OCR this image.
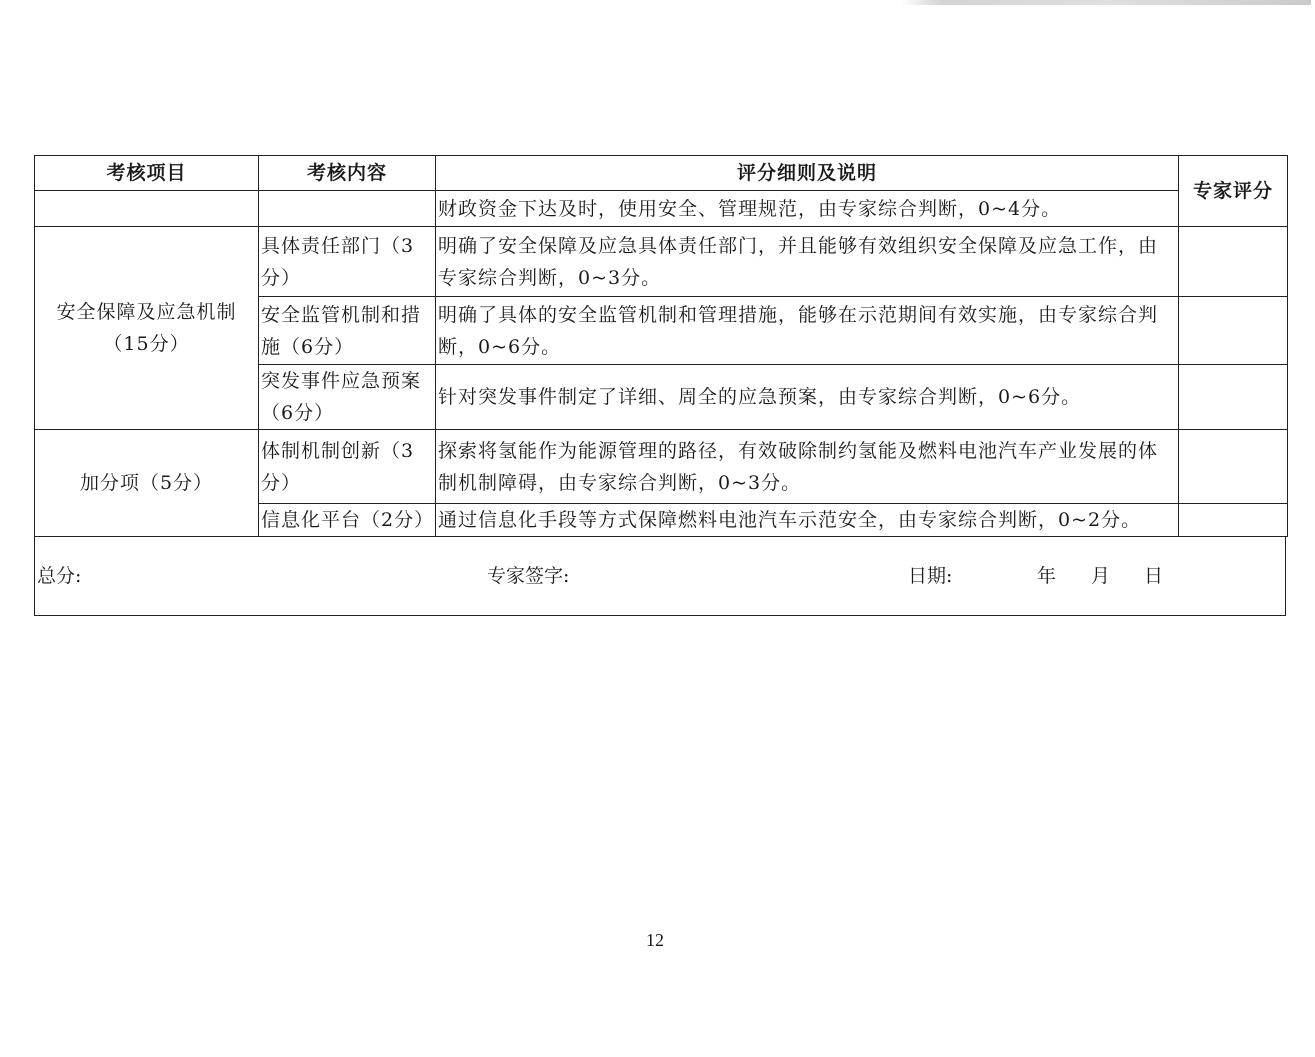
考核项目	考核内容	评分细则及说明	专家评分
		财政资金下达及时，使用安全、管理规范，由专家综合判断，0~4分。	

安全保障及应急机制
（15分）	具体责任部门（3分）	明确了安全保障及应急具体责任部门，并且能够有效组织安全保障及应急工作，由专家综合判断，0~3分。	
	安全监管机制和措施（6分）	明确了具体的安全监管机制和管理措施，能够在示范期间有效实施，由专家综合判断，0~6分。	
	突发事件应急预案（6分）	针对突发事件制定了详细、周全的应急预案，由专家综合判断，0~6分。	
加分项（5分）	体制机制创新（3分）	探索将氢能作为能源管理的路径，有效破除制约氢能及燃料电池汽车产业发展的体制机制障碍，由专家综合判断，0~3分。	
	信息化平台（2分）	通过信息化手段等方式保障燃料电池汽车示范安全，由专家综合判断，0~2分。	
总分:	专家签字:	日期:	年 月 日
12
